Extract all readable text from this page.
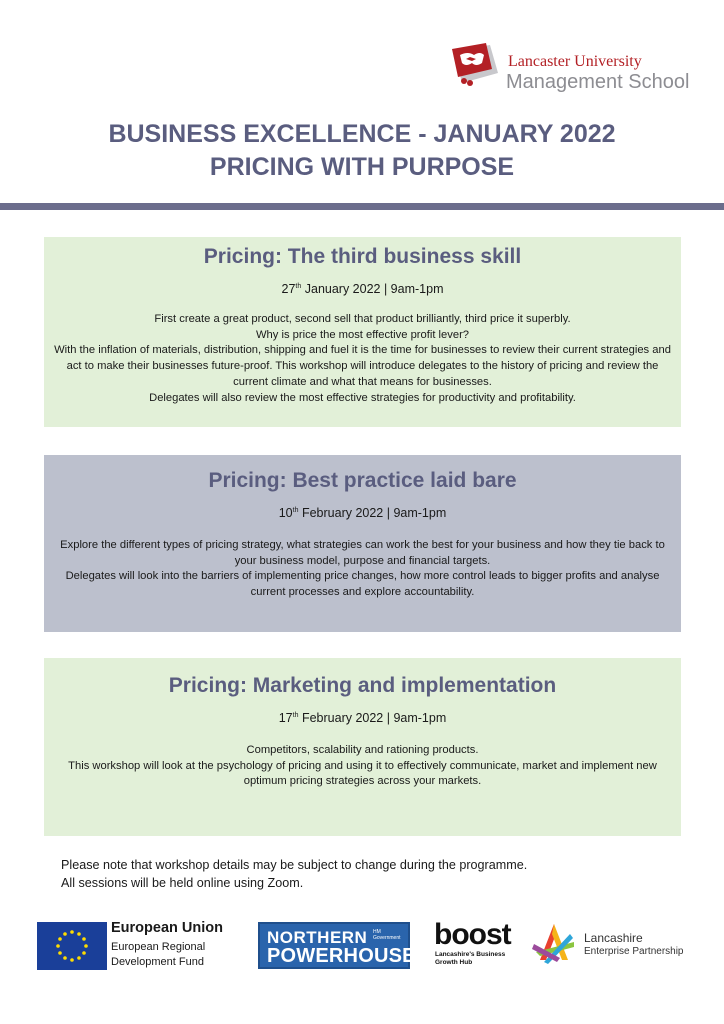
Lancaster University
Management School
BUSINESS EXCELLENCE - JANUARY 2022
PRICING WITH PURPOSE
Pricing: The third business skill
27th January 2022 | 9am-1pm

First create a great product, second sell that product brilliantly, third price it superbly.

Why is price the most effective profit lever?

With the inflation of materials, distribution, shipping and fuel it is the time for businesses to review their current strategies and act to make their businesses future-proof. This workshop will introduce delegates to the history of pricing and review the current climate and what that means for businesses.

Delegates will also review the most effective strategies for productivity and profitability.

Pricing: Best practice laid bare
10th February 2022 | 9am-1pm

Explore the different types of pricing strategy, what strategies can work the best for your business and how they tie back to your business model, purpose and financial targets.

Delegates will look into the barriers of implementing price changes, how more control leads to bigger profits and analyse current processes and explore accountability.

Pricing: Marketing and implementation
17th February 2022 | 9am-1pm

Competitors, scalability and rationing products.

This workshop will look at the psychology of pricing and using it to effectively communicate, market and implement new optimum pricing strategies across your markets.

Please note that workshop details may be subject to change during the programme.

All sessions will be held online using Zoom.

European Union
European Regional
Development Fund
NORTHERN HM Government
POWERHOUSE
boost
Lancashire's Business
Growth Hub
Lancashire
Enterprise Partnership
